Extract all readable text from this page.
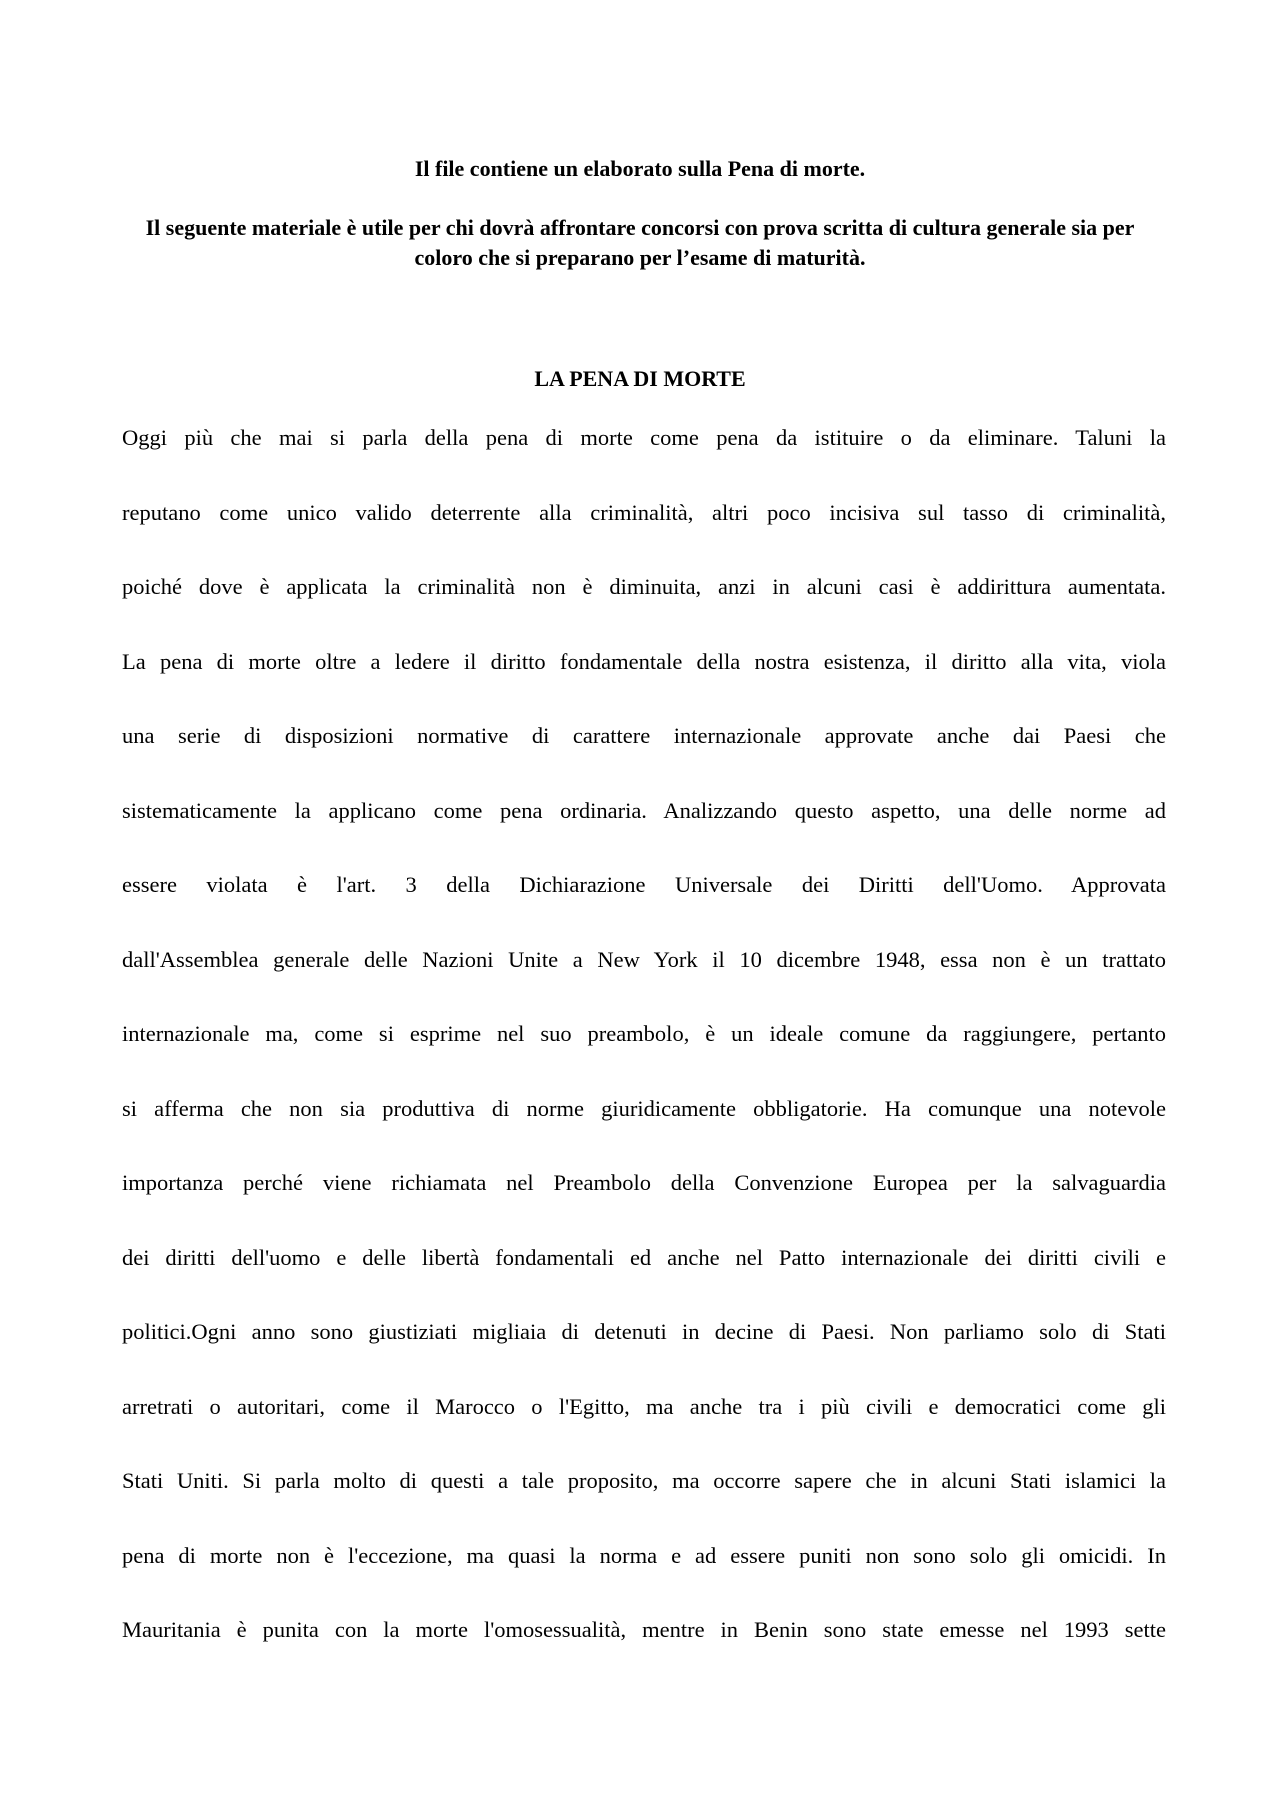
Il file contiene un elaborato sulla Pena di morte.
Il seguente materiale è utile per chi dovrà affrontare concorsi con prova scritta di cultura generale sia per coloro che si preparano per l’esame di maturità.
LA PENA DI MORTE
Oggi più che mai si parla della pena di morte come pena da istituire o da eliminare. Taluni la
reputano come unico valido deterrente alla criminalità, altri poco incisiva sul tasso di criminalità,
poiché dove è applicata la criminalità non è diminuita, anzi in alcuni casi è addirittura aumentata.
La pena di morte oltre a ledere il diritto fondamentale della nostra esistenza, il diritto alla vita, viola
una serie di disposizioni normative di carattere internazionale approvate anche dai Paesi che
sistematicamente la applicano come pena ordinaria. Analizzando questo aspetto, una delle norme ad
essere violata è l'art. 3 della Dichiarazione Universale dei Diritti dell'Uomo. Approvata
dall'Assemblea generale delle Nazioni Unite a New York il 10 dicembre 1948, essa non è un trattato
internazionale ma, come si esprime nel suo preambolo, è un ideale comune da raggiungere, pertanto
si afferma che non sia produttiva di norme giuridicamente obbligatorie. Ha comunque una notevole
importanza perché viene richiamata nel Preambolo della Convenzione Europea per la salvaguardia
dei diritti dell'uomo e delle libertà fondamentali ed anche nel Patto internazionale dei diritti civili e
politici.Ogni anno sono giustiziati migliaia di detenuti in decine di Paesi. Non parliamo solo di Stati
arretrati o autoritari, come il Marocco o l'Egitto, ma anche tra i più civili e democratici come gli
Stati Uniti. Si parla molto di questi a tale proposito, ma occorre sapere che in alcuni Stati islamici la
pena di morte non è l'eccezione, ma quasi la norma e ad essere puniti non sono solo gli omicidi. In
Mauritania è punita con la morte l'omosessualità, mentre in Benin sono state emesse nel 1993 sette
